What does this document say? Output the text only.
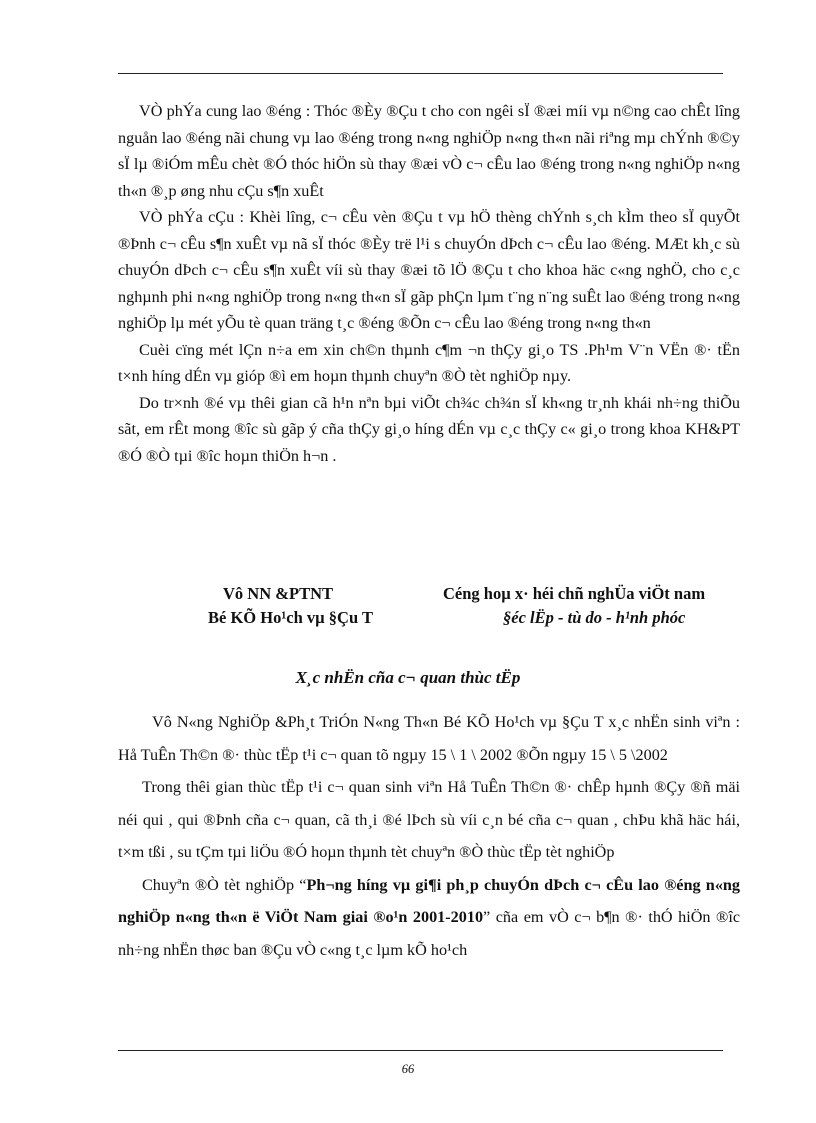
VÒ phÝa cung lao ®éng : Thóc ®Èy ®Çu t cho con ngêi sÏ ®æi míi vµ n©ng cao chÊt lîng nguån lao ®éng nãi chung vµ lao ®éng trong n«ng nghiÖp n«ng th«n nãi riªng mµ chÝnh ®©y sÏ lµ ®iÓm mÊu chèt ®Ó thóc hiÖn sù thay ®æi vÒ c¬ cÊu lao ®éng trong n«ng nghiÖp n«ng th«n ®¸p øng nhu cÇu s¶n xuÊt

VÒ phÝa cÇu : Khèi lîng, c¬ cÊu vèn ®Çu t vµ hÖ thèng chÝnh s¸ch kÌm theo sÏ quyÕt ®Þnh c¬ cÊu s¶n xuÊt vµ nã sÏ thóc ®Èy trë l¹i s chuyÓn dÞch c¬ cÊu lao ®éng. MÆt kh¸c sù chuyÓn dÞch c¬ cÊu s¶n xuÊt víi sù thay ®æi tõ lÖ ®Çu t cho khoa häc c«ng nghÖ, cho c¸c nghµnh phi n«ng nghiÖp trong n«ng th«n sÏ gãp phÇn lµm t¨ng n¨ng suÊt lao ®éng trong n«ng nghiÖp lµ mét yÕu tè quan träng t¸c ®éng ®Õn c¬ cÊu lao ®éng trong n«ng th«n

Cuèi cïng mét lÇn n÷a em xin ch©n thµnh c¶m ¬n thÇy gi¸o TS .Ph¹m V¨n VËn ®· tËn t×nh híng dÉn vµ gióp ®ì em hoµn thµnh chuyªn ®Ò tèt nghiÖp nµy.

Do tr×nh ®é vµ thêi gian cã h¹n nªn bµi viÕt ch¾c ch¾n sÏ kh«ng tr¸nh khái nh÷ng thiÕu sãt, em rÊt mong ®îc sù gãp ý cña thÇy gi¸o híng dÉn vµ c¸c thÇy c« gi¸o trong khoa KH&PT ®Ó ®Ò tµi ®îc hoµn thiÖn h¬n .

Vô NN &PTNT
Bé KÕ Ho¹ch vµ §Çu T
Céng hoµ x· héi chñ nghÜa viÖt nam
§éc lËp - tù do - h¹nh phóc
X¸c nhËn cña c¬ quan thùc tËp

Vô N«ng NghiÖp &Ph¸t TriÓn N«ng Th«n Bé KÕ Ho¹ch vµ §Çu T x¸c nhËn sinh viªn : Hå TuÊn Th©n ®· thùc tËp t¹i c¬ quan tõ ngµy 15 \ 1 \ 2002 ®Õn ngµy 15 \ 5 \2002

Trong thêi gian thùc tËp t¹i c¬ quan sinh viªn Hå TuÊn Th©n ®· chÊp hµnh ®Çy ®ñ mäi néi qui , qui ®Þnh cña c¬ quan, cã th¸i ®é lÞch sù víi c¸n bé cña c¬ quan , chÞu khã häc hái, t×m tßi , su tÇm tµi liÖu ®Ó hoµn thµnh tèt chuyªn ®Ò thùc tËp tèt nghiÖp

Chuyªn ®Ò tèt nghiÖp “Ph¬ng híng vµ gi¶i ph¸p chuyÓn dÞch c¬ cÊu lao ®éng n«ng nghiÖp n«ng th«n ë ViÖt Nam giai ®o¹n 2001-2010” cña em vÒ c¬ b¶n ®· thÓ hiÖn ®îc nh÷ng nhËn thøc ban ®Çu vÒ c«ng t¸c lµm kÕ ho¹ch

66
